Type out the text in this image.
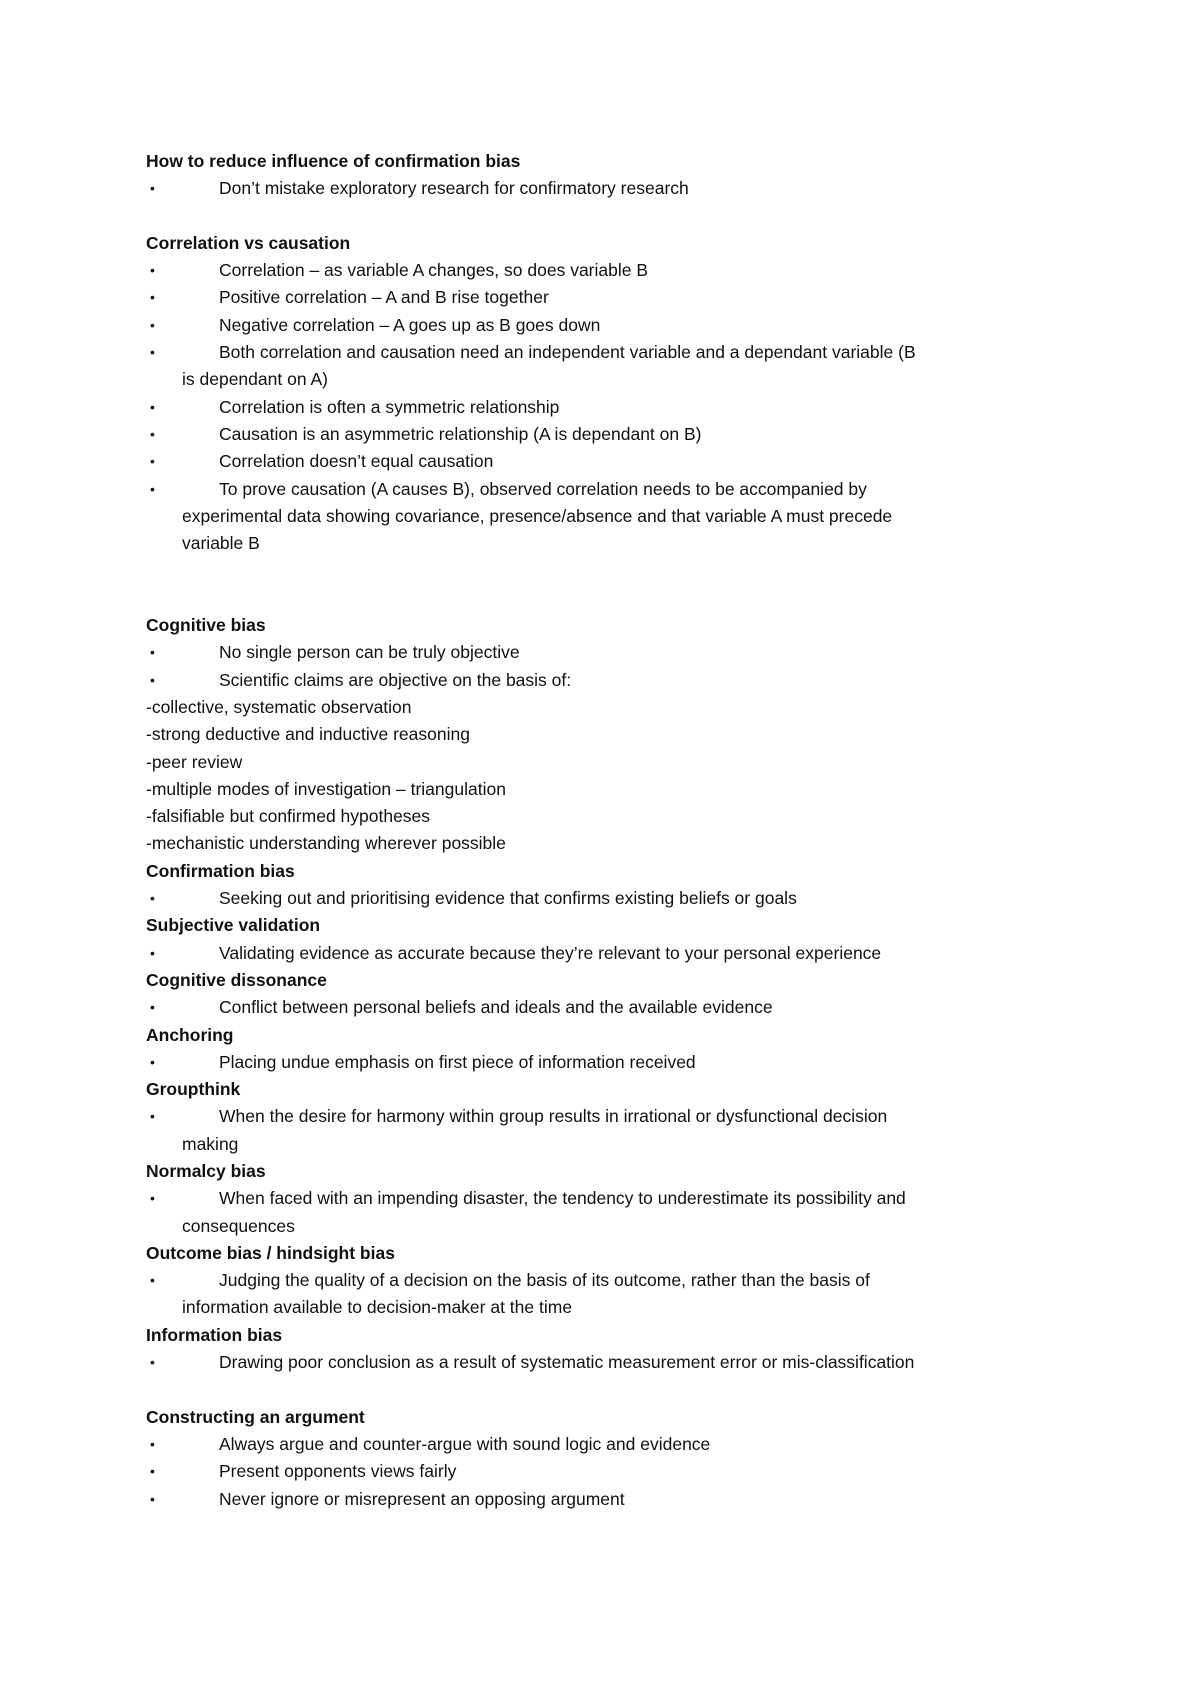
How to reduce influence of confirmation bias
•	Don’t mistake exploratory research for confirmatory research
Correlation vs causation
•	Correlation – as variable A changes, so does variable B
•	Positive correlation – A and B rise together
•	Negative correlation – A goes up as B goes down
•	Both correlation and causation need an independent variable and a dependant variable (B
is dependant on A)
•	Correlation is often a symmetric relationship
•	Causation is an asymmetric relationship (A is dependant on B)
•	Correlation doesn’t equal causation
•	To prove causation (A causes B), observed correlation needs to be accompanied by
experimental data showing covariance, presence/absence and that variable A must precede
variable B
Cognitive bias
•	No single person can be truly objective
•	Scientific claims are objective on the basis of:
-collective, systematic observation
-strong deductive and inductive reasoning
-peer review
-multiple modes of investigation – triangulation
-falsifiable but confirmed hypotheses
-mechanistic understanding wherever possible
Confirmation bias
•	Seeking out and prioritising evidence that confirms existing beliefs or goals
Subjective validation
•	Validating evidence as accurate because they’re relevant to your personal experience
Cognitive dissonance
•	Conflict between personal beliefs and ideals and the available evidence
Anchoring
•	Placing undue emphasis on first piece of information received
Groupthink
•	When the desire for harmony within group results in irrational or dysfunctional decision
making
Normalcy bias
•	When faced with an impending disaster, the tendency to underestimate its possibility and
consequences
Outcome bias / hindsight bias
•	Judging the quality of a decision on the basis of its outcome, rather than the basis of
information available to decision-maker at the time
Information bias
•	Drawing poor conclusion as a result of systematic measurement error or mis-classification
Constructing an argument
•	Always argue and counter-argue with sound logic and evidence
•	Present opponents views fairly
•	Never ignore or misrepresent an opposing argument
